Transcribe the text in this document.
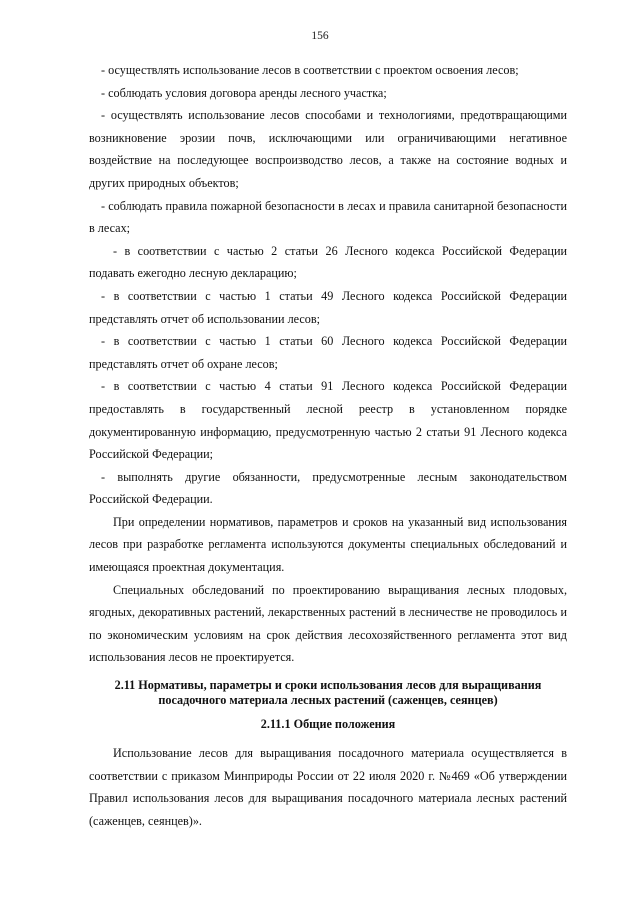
156

- осуществлять использование лесов в соответствии с проектом освоения лесов;

- соблюдать условия договора аренды лесного участка;

- осуществлять использование лесов способами и технологиями, предотвращающими возникновение эрозии почв, исключающими или ограничивающими негативное воздействие на последующее воспроизводство лесов, а также на состояние водных и других природных объектов;

- соблюдать правила пожарной безопасности в лесах и правила санитарной безопасности в лесах;

- в соответствии с частью 2 статьи 26 Лесного кодекса Российской Федерации подавать ежегодно лесную декларацию;

- в соответствии с частью 1 статьи 49 Лесного кодекса Российской Федерации представлять отчет об использовании лесов;

- в соответствии с частью 1 статьи 60 Лесного кодекса Российской Федерации представлять отчет об охране лесов;

- в соответствии с частью 4 статьи 91 Лесного кодекса Российской Федерации предоставлять в государственный лесной реестр в установленном порядке документированную информацию, предусмотренную частью 2 статьи 91 Лесного кодекса Российской Федерации;

- выполнять другие обязанности, предусмотренные лесным законодательством Российской Федерации.

При определении нормативов, параметров и сроков на указанный вид использования лесов при разработке регламента используются документы специальных обследований и имеющаяся проектная документация.

Специальных обследований по проектированию выращивания лесных плодовых, ягодных, декоративных растений, лекарственных растений в лесничестве не проводилось и по экономическим условиям на срок действия лесохозяйственного регламента этот вид использования лесов не проектируется.

2.11 Нормативы, параметры и сроки использования лесов для выращивания посадочного материала лесных растений (саженцев, сеянцев)
2.11.1 Общие положения

Использование лесов для выращивания посадочного материала осуществляется в соответствии с приказом Минприроды России от 22 июля 2020 г. №469 «Об утверждении Правил использования лесов для выращивания посадочного материала лесных растений (саженцев, сеянцев)».
